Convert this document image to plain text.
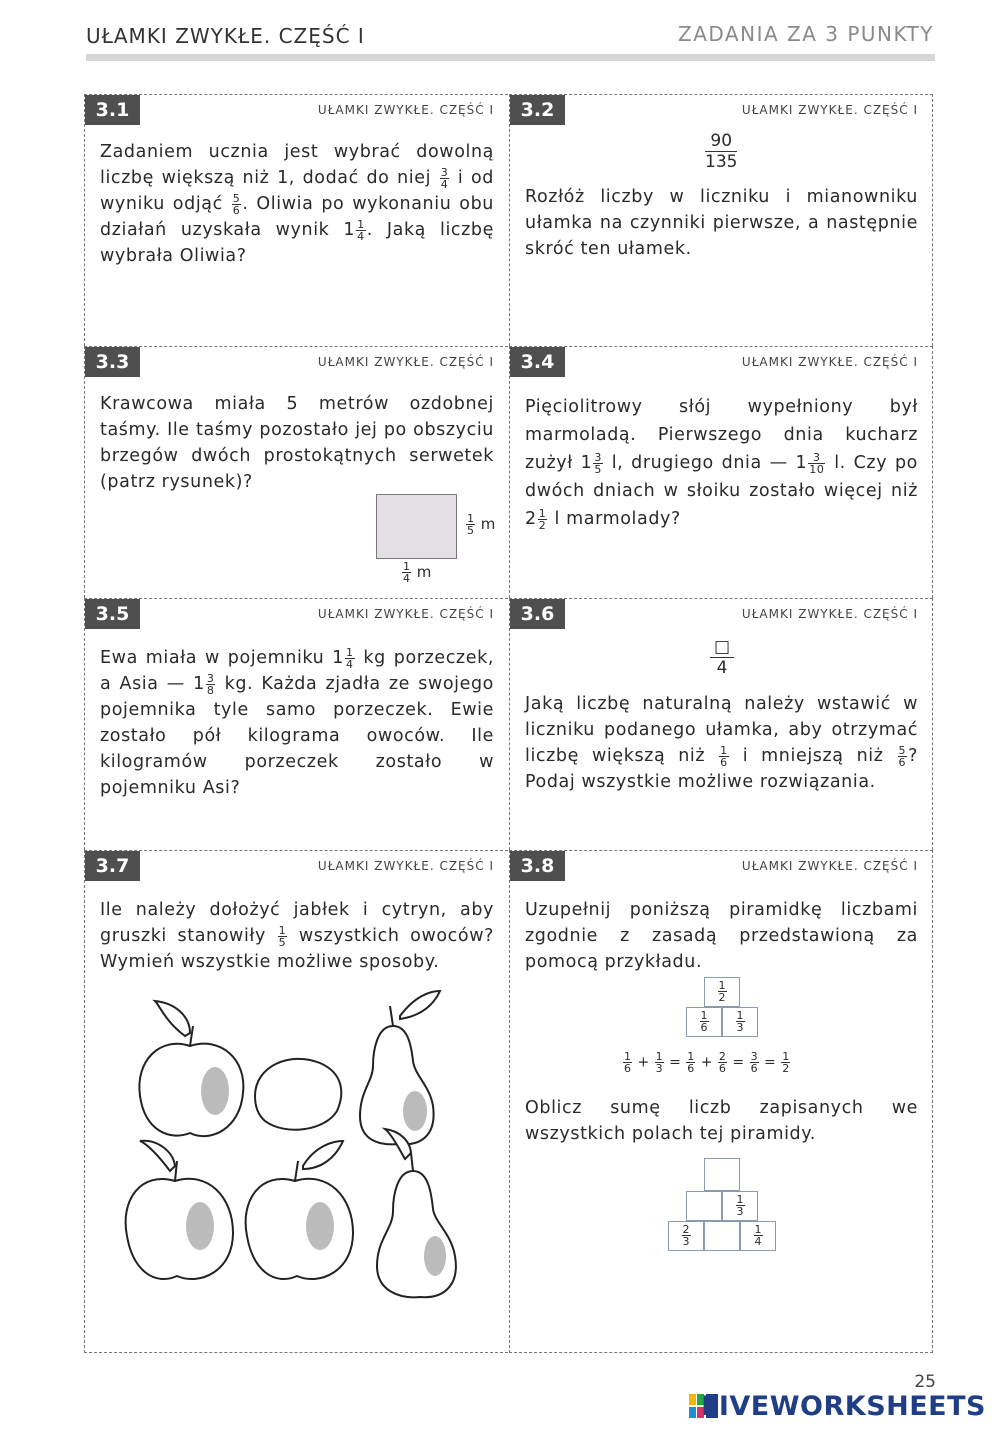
UŁAMKI ZWYKŁE. CZĘŚĆ I	ZADANIA ZA 3 PUNKTY
3.1	UŁAMKI ZWYKŁE. CZĘŚĆ I
Zadaniem ucznia jest wybrać dowolną liczbę większą niż 1, dodać do niej $\frac{3}{4}$ i od wyniku odjąć $\frac{5}{6}$ . Oliwia po wykonaniu obu działań uzyskała wynik $1 \frac{1}{4}$ . Jaką liczbę wybrała Oliwia?
3.2	UŁAMKI ZWYKŁE. CZĘŚĆ I
90
135
Rozłóż liczby w liczniku i mianowniku ułamka na czynniki pierwsze, a następnie skróć ten ułamek.
3.3	UŁAMKI ZWYKŁE. CZĘŚĆ I
Krawcowa miała 5 metrów ozdobnej taśmy. Ile taśmy pozostało jej po obszyciu brzegów dwóch prostokątnych serwetek (patrz rysunek)?
$\frac{1}{5}$ m
$\frac{1}{4}$ m
3.4	UŁAMKI ZWYKŁE. CZĘŚĆ I
Pięciolitrowy słój wypełniony był marmoladą. Pierwszego dnia kucharz zużył $1 \frac{3}{5} l$, drugiego dnia — $1 \frac{3}{10} l$. Czy po dwóch dniach w słoiku zostało więcej niż $2 \frac{1}{2}$ l marmolady?
3.5	UŁAMKI ZWYKŁE. CZĘŚĆ I
Ewa miała w pojemniku $1 \frac{1}{4}$ kg porzeczek, a Asia — $1 \frac{3}{8}$ kg. Każda zjadła ze swojego pojemnika tyle samo porzeczek. Ewie zostało pół kilograma owoców. Ile kilogramów porzeczek zostało w pojemniku Asi?
3.6	UŁAMKI ZWYKŁE. CZĘŚĆ I
□
4
Jaką liczbę naturalną należy wstawić w liczniku podanego ułamka, aby otrzymać liczbę większą niż $\frac{1}{6}$ i mniejszą niż $\frac{5}{6}$ ? Podaj wszystkie możliwe rozwiązania.
3.7	UŁAMKI ZWYKŁE. CZĘŚĆ I
Ile należy dołożyć jabłek i cytryn, aby gruszki stanowiły $\frac{1}{5}$ wszystkich owoców? Wymień wszystkie możliwe sposoby.
3.8	UŁAMKI ZWYKŁE. CZĘŚĆ I
Uzupełnij poniższą piramidkę liczbami zgodnie z zasadą przedstawioną za pomocą przykładu.
$\frac{1}{2}$
$\frac{1}{6} \frac{1}{3}$
$\frac{1}{6} + \frac{1}{3} = \frac{1}{6} + \frac{2}{6} = \frac{3}{6} = \frac{1}{2}$
Oblicz sumę liczb zapisanych we wszystkich polach tej piramidy.
$\frac{1}{3}$
$\frac{2}{3}$	$\frac{1}{4}$
25
LIVEWORKSHEETS
